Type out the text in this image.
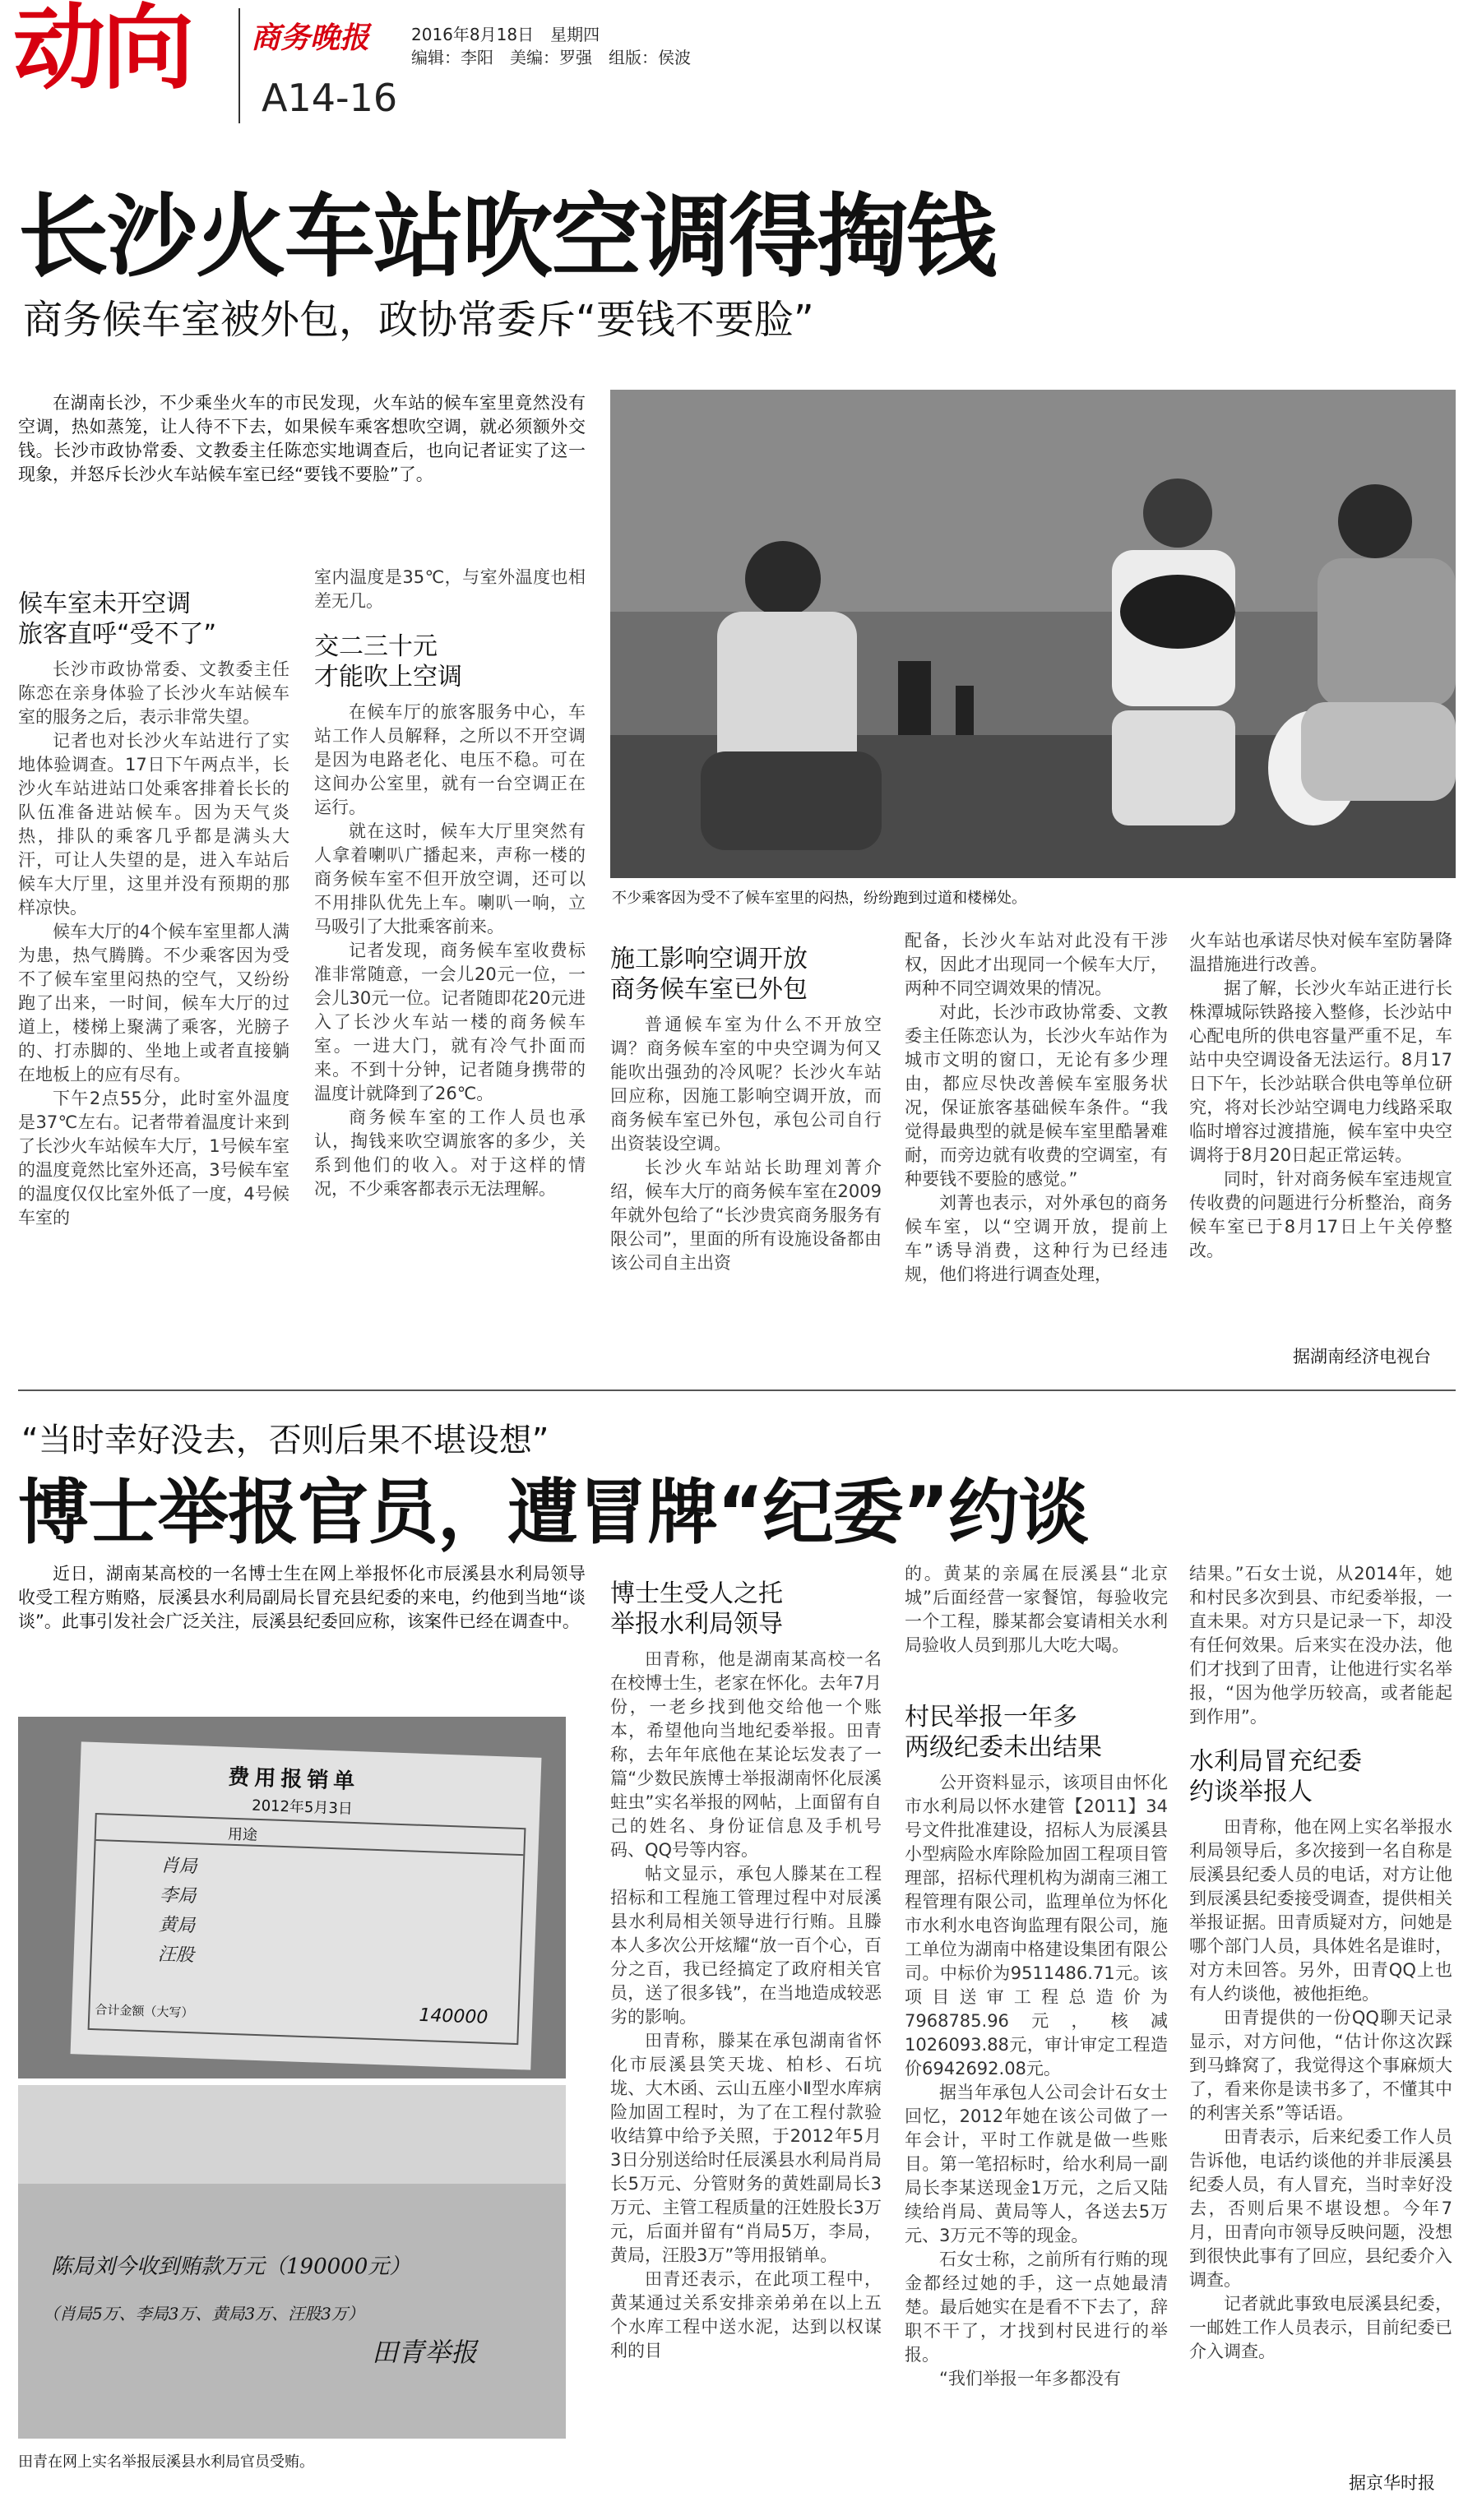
动向 商务晚报	2016年8月18日　星期四
编辑：李阳　美编：罗强　组版：侯波
A14-16
长沙火车站吹空调得掏钱
商务候车室被外包，政协常委斥“要钱不要脸”

在湖南长沙，不少乘坐火车的市民发现，火车站的候车室里竟然没有空调，热如蒸笼，让人待不下去，如果候车乘客想吹空调，就必须额外交钱。长沙市政协常委、文教委主任陈恋实地调查后，也向记者证实了这一现象，并怒斥长沙火车站候车室已经“要钱不要脸”了。

不少乘客因为受不了候车室里的闷热，纷纷跑到过道和楼梯处。
候车室未开空调
旅客直呼“受不了”

长沙市政协常委、文教委主任陈恋在亲身体验了长沙火车站候车室的服务之后，表示非常失望。

记者也对长沙火车站进行了实地体验调查。17日下午两点半，长沙火车站进站口处乘客排着长长的队伍准备进站候车。因为天气炎热，排队的乘客几乎都是满头大汗，可让人失望的是，进入车站后候车大厅里，这里并没有预期的那样凉快。

候车大厅的4个候车室里都人满为患，热气腾腾。不少乘客因为受不了候车室里闷热的空气，又纷纷跑了出来，一时间，候车大厅的过道上，楼梯上聚满了乘客，光膀子的、打赤脚的、坐地上或者直接躺在地板上的应有尽有。

下午2点55分，此时室外温度是37℃左右。记者带着温度计来到了长沙火车站候车大厅，1号候车室的温度竟然比室外还高，3号候车室的温度仅仅比室外低了一度，4号候车室的

室内温度是35℃，与室外温度也相差无几。

交二三十元
才能吹上空调

在候车厅的旅客服务中心，车站工作人员解释，之所以不开空调是因为电路老化、电压不稳。可在这间办公室里，就有一台空调正在运行。

就在这时，候车大厅里突然有人拿着喇叭广播起来，声称一楼的商务候车室不但开放空调，还可以不用排队优先上车。喇叭一响，立马吸引了大批乘客前来。

记者发现，商务候车室收费标准非常随意，一会儿20元一位，一会儿30元一位。记者随即花20元进入了长沙火车站一楼的商务候车室。一进大门，就有冷气扑面而来。不到十分钟，记者随身携带的温度计就降到了26℃。

商务候车室的工作人员也承认，掏钱来吹空调旅客的多少，关系到他们的收入。对于这样的情况，不少乘客都表示无法理解。

施工影响空调开放
商务候车室已外包

普通候车室为什么不开放空调？商务候车室的中央空调为何又能吹出强劲的冷风呢？长沙火车站回应称，因施工影响空调开放，而商务候车室已外包，承包公司自行出资装设空调。

长沙火车站站长助理刘菁介绍，候车大厅的商务候车室在2009年就外包给了“长沙贵宾商务服务有限公司”，里面的所有设施设备都由该公司自主出资

配备，长沙火车站对此没有干涉权，因此才出现同一个候车大厅，两种不同空调效果的情况。

对此，长沙市政协常委、文教委主任陈恋认为，长沙火车站作为城市文明的窗口，无论有多少理由，都应尽快改善候车室服务状况，保证旅客基础候车条件。“我觉得最典型的就是候车室里酷暑难耐，而旁边就有收费的空调室，有种要钱不要脸的感觉。”

刘菁也表示，对外承包的商务候车室，以“空调开放，提前上车”诱导消费，这种行为已经违规，他们将进行调查处理，

火车站也承诺尽快对候车室防暑降温措施进行改善。

据了解，长沙火车站正进行长株潭城际铁路接入整修，长沙站中心配电所的供电容量严重不足，车站中央空调设备无法运行。8月17日下午，长沙站联合供电等单位研究，将对长沙站空调电力线路采取临时增容过渡措施，候车室中央空调将于8月20日起正常运转。

同时，针对商务候车室违规宣传收费的问题进行分析整治，商务候车室已于8月17日上午关停整改。

据湖南经济电视台
“当时幸好没去，否则后果不堪设想”
博士举报官员，遭冒牌“纪委”约谈

近日，湖南某高校的一名博士生在网上举报怀化市辰溪县水利局领导收受工程方贿赂，辰溪县水利局副局长冒充县纪委的来电，约他到当地“谈谈”。此事引发社会广泛关注，辰溪县纪委回应称，该案件已经在调查中。

费用报销单
2012年5月3日
用途
肖局
李局
黄局
汪股
合计金额（大写）	140000
陈局刘今收到贿款万元（190000元）
（肖局5万、李局3万、黄局3万、汪股3万）
田青举报
田青在网上实名举报辰溪县水利局官员受贿。
博士生受人之托
举报水利局领导

田青称，他是湖南某高校一名在校博士生，老家在怀化。去年7月份，一老乡找到他交给他一个账本，希望他向当地纪委举报。田青称，去年年底他在某论坛发表了一篇“少数民族博士举报湖南怀化辰溪蛀虫”实名举报的网帖，上面留有自己的姓名、身份证信息及手机号码、QQ号等内容。

帖文显示，承包人滕某在工程招标和工程施工管理过程中对辰溪县水利局相关领导进行行贿。且滕本人多次公开炫耀“放一百个心，百分之百，我已经搞定了政府相关官员，送了很多钱”，在当地造成较恶劣的影响。

田青称，滕某在承包湖南省怀化市辰溪县笑天垅、柏杉、石坑垅、大木函、云山五座小Ⅱ型水库病险加固工程时，为了在工程付款验收结算中给予关照，于2012年5月3日分别送给时任辰溪县水利局肖局长5万元、分管财务的黄姓副局长3万元、主管工程质量的汪姓股长3万元，后面并留有“肖局5万，李局，黄局，汪股3万”等用报销单。

田青还表示，在此项工程中，黄某通过关系安排亲弟弟在以上五个水库工程中送水泥，达到以权谋利的目

的。黄某的亲属在辰溪县“北京城”后面经营一家餐馆，每验收完一个工程，滕某都会宴请相关水利局验收人员到那儿大吃大喝。

村民举报一年多
两级纪委未出结果

公开资料显示，该项目由怀化市水利局以怀水建管【2011】34号文件批准建设，招标人为辰溪县小型病险水库除险加固工程项目管理部，招标代理机构为湖南三湘工程管理有限公司，监理单位为怀化市水利水电咨询监理有限公司，施工单位为湖南中格建设集团有限公司。中标价为9511486.71元。该项目送审工程总造价为7968785.96元，核减1026093.88元，审计审定工程造价6942692.08元。

据当年承包人公司会计石女士回忆，2012年她在该公司做了一年会计，平时工作就是做一些账目。第一笔招标时，给水利局一副局长李某送现金1万元，之后又陆续给肖局、黄局等人，各送去5万元、3万元不等的现金。

石女士称，之前所有行贿的现金都经过她的手，这一点她最清楚。最后她实在是看不下去了，辞职不干了，才找到村民进行的举报。

“我们举报一年多都没有

结果。”石女士说，从2014年，她和村民多次到县、市纪委举报，一直未果。对方只是记录一下，却没有任何效果。后来实在没办法，他们才找到了田青，让他进行实名举报，“因为他学历较高，或者能起到作用”。

水利局冒充纪委
约谈举报人

田青称，他在网上实名举报水利局领导后，多次接到一名自称是辰溪县纪委人员的电话，对方让他到辰溪县纪委接受调查，提供相关举报证据。田青质疑对方，问她是哪个部门人员，具体姓名是谁时，对方未回答。另外，田青QQ上也有人约谈他，被他拒绝。

田青提供的一份QQ聊天记录显示，对方问他，“估计你这次踩到马蜂窝了，我觉得这个事麻烦大了，看来你是读书多了，不懂其中的利害关系”等话语。

田青表示，后来纪委工作人员告诉他，电话约谈他的并非辰溪县纪委人员，有人冒充，当时幸好没去，否则后果不堪设想。今年7月，田青向市领导反映问题，没想到很快此事有了回应，县纪委介入调查。

记者就此事致电辰溪县纪委，一邮姓工作人员表示，目前纪委已介入调查。

据京华时报
